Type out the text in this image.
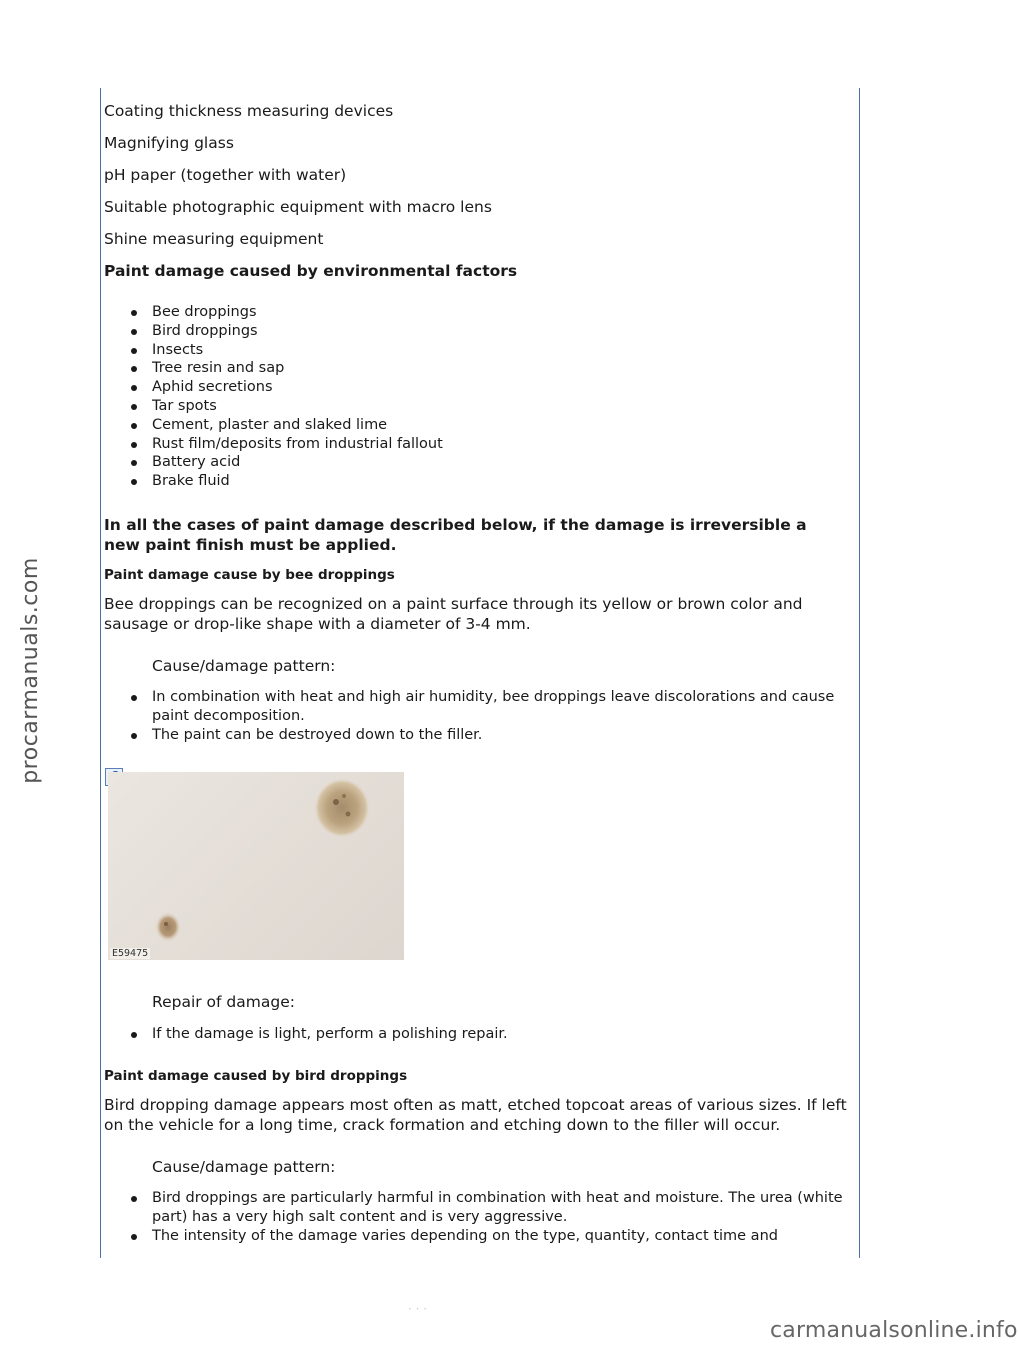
procarmanuals.com

Coating thickness measuring devices

Magnifying glass

pH paper (together with water)

Suitable photographic equipment with macro lens

Shine measuring equipment

Paint damage caused by environmental factors

Bee droppings
Bird droppings
Insects
Tree resin and sap
Aphid secretions
Tar spots
Cement, plaster and slaked lime
Rust film/deposits from industrial fallout
Battery acid
Brake fluid

In all the cases of paint damage described below, if the damage is irreversible a new paint finish must be applied.

Paint damage cause by bee droppings

Bee droppings can be recognized on a paint surface through its yellow or brown color and sausage or drop-like shape with a diameter of 3-4 mm.

Cause/damage pattern:

In combination with heat and high air humidity, bee droppings leave discolorations and cause paint decomposition.
The paint can be destroyed down to the filler.

Repair of damage:

If the damage is light, perform a polishing repair.

Paint damage caused by bird droppings

Bird dropping damage appears most often as matt, etched topcoat areas of various sizes. If left on the vehicle for a long time, crack formation and etching down to the filler will occur.

Cause/damage pattern:

Bird droppings are particularly harmful in combination with heat and moisture. The urea (white part) has a very high salt content and is very aggressive.
The intensity of the damage varies depending on the type, quantity, contact time and
E59475
· · ·
carmanualsonline.info
